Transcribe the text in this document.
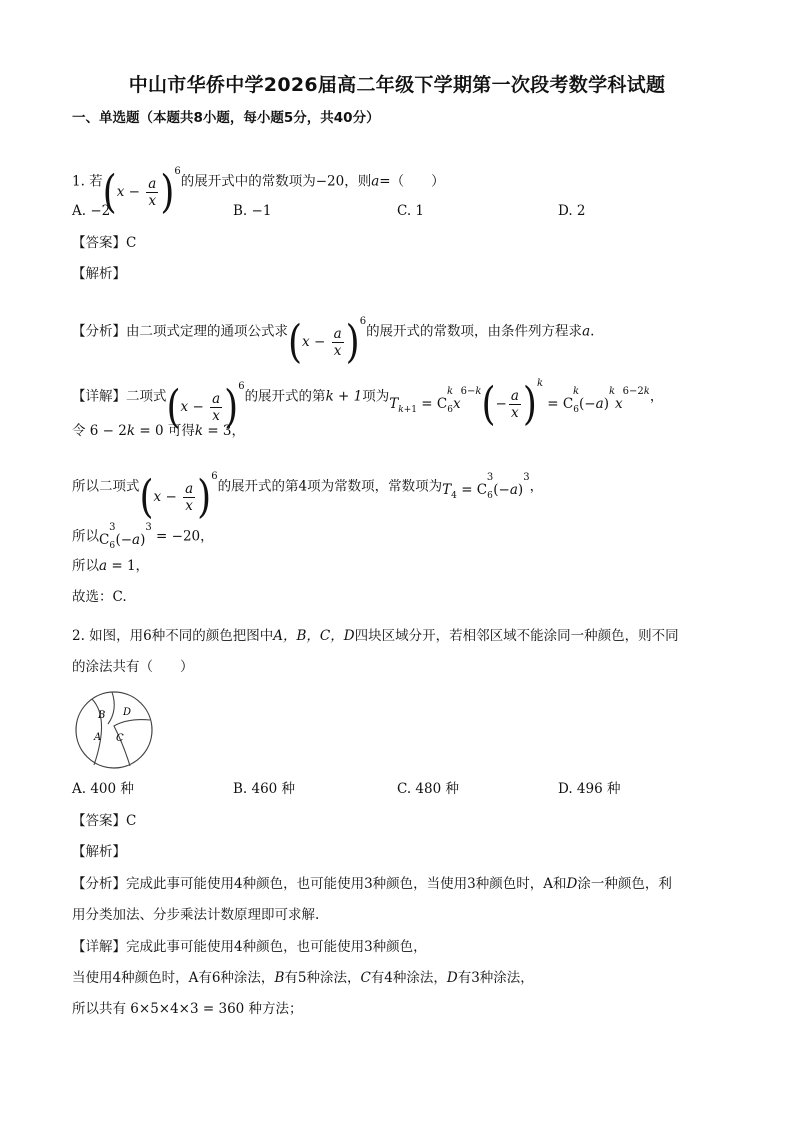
中山市华侨中学2026届高二年级下学期第一次段考数学科试题
一、单选题（本题共8小题，每小题5分，共40分）
1. 若$(x - \frac{a}{x} )^6$的展开式中的常数项为−20，则a=（　　）
A. −2	B. −1	C. 1	D. 2
【答案】C
【解析】
【分析】由二项式定理的通项公式求$(x - \frac{a}{x} )^6$的展开式的常数项，由条件列方程求a.
【详解】二项式$(x - \frac{a}{x} )^6$的展开式的第k + 1项为$T_{k+1} = C_6^kx^{6-k}(- \frac{a}{x} )^k = C_6^k(-a)^kx^{6-2k}$，
令 6 − 2k = 0 可得k = 3，
所以二项式$(x - \frac{a}{x} )^6$的展开式的第4项为常数项，常数项为$T_4 = C_6^3(-a)^3$，
所以$C_6^3(-a)^3 = -20$，
所以a = 1，
故选：C.
2. 如图，用6种不同的颜色把图中A，B，C，D四块区域分开，若相邻区域不能涂同一种颜色，则不同
的涂法共有（　　）
A
B
C
D
A. 400 种	B. 460 种	C. 480 种	D. 496 种
【答案】C
【解析】
【分析】完成此事可能使用4种颜色，也可能使用3种颜色，当使用3种颜色时，A和D涂一种颜色，利
用分类加法、分步乘法计数原理即可求解.
【详解】完成此事可能使用4种颜色，也可能使用3种颜色，
当使用4种颜色时，A有6种涂法，B有5种涂法，C有4种涂法，D有3种涂法，
所以共有 6×5×4×3 = 360 种方法；
